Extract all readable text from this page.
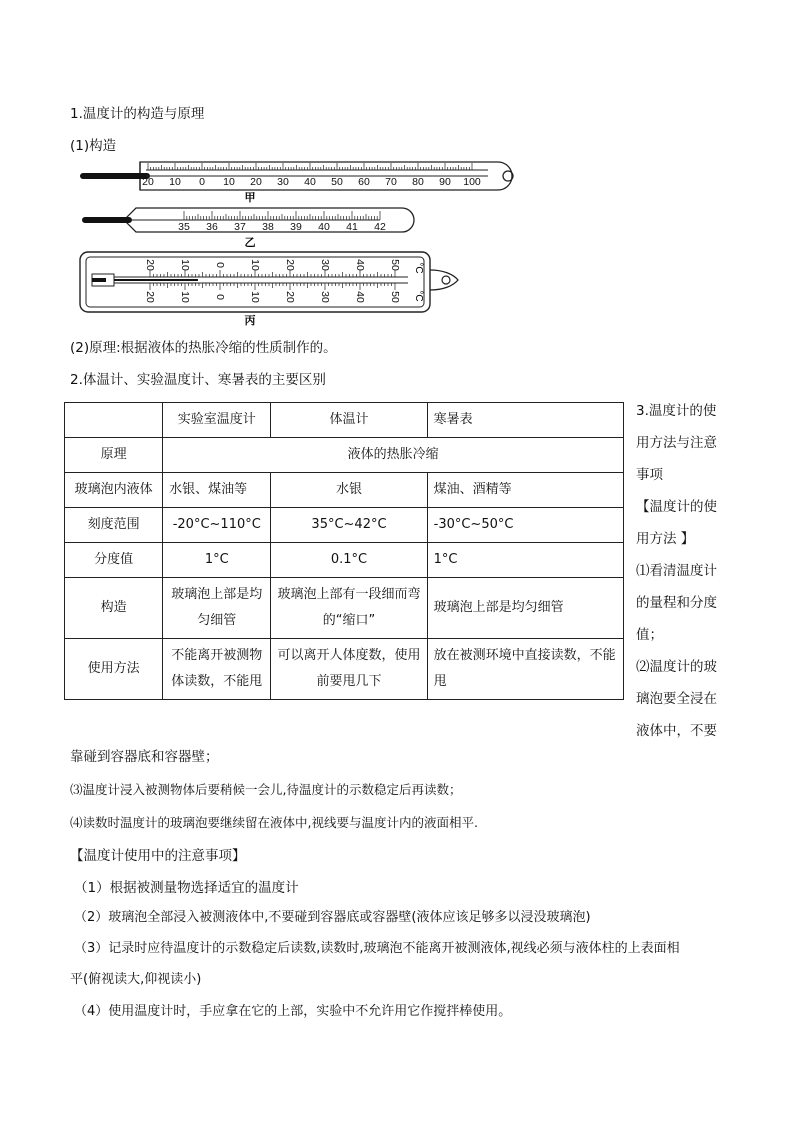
1.温度计的构造与原理
(1)构造
20 10 0 10 20 30 40 50 60 70 80 90 100
甲
35 36 37 38 39 40 41 42
乙
20 10 0 10 20 30 40 50
20 10 0 10 20 30 40 50
°C
°C
丙
(2)原理:根据液体的热胀冷缩的性质制作的。
2.体温计、实验温度计、寒暑表的主要区别
	实验室温度计	体温计	寒暑表
原理	液体的热胀冷缩		
玻璃泡内液体	水银、煤油等	水银	煤油、酒精等
刻度范围	-20°C~110°C	35°C~42°C	-30°C~50°C
分度值	1°C	0.1°C	1°C
构造	玻璃泡上部是均匀细管	玻璃泡上部有一段细而弯的“缩口”	玻璃泡上部是均匀细管
使用方法	不能离开被测物体读数，不能甩	可以离开人体度数，使用前要甩几下	放在被测环境中直接读数，不能甩
3.温度计的使
用方法与注意
事项
【温度计的使
用方法 】
⑴看清温度计
的量程和分度
值；
⑵温度计的玻
璃泡要全浸在
液体中，不要
靠碰到容器底和容器壁；
⑶温度计浸入被测物体后要稍候一会儿,待温度计的示数稳定后再读数；
⑷读数时温度计的玻璃泡要继续留在液体中,视线要与温度计内的液面相平.
【温度计使用中的注意事项】
（1）根据被测量物选择适宜的温度计
（2）玻璃泡全部浸入被测液体中,不要碰到容器底或容器壁(液体应该足够多以浸没玻璃泡)
（3）记录时应待温度计的示数稳定后读数,读数时,玻璃泡不能离开被测液体,视线必须与液体柱的上表面相
平(俯视读大,仰视读小)
（4）使用温度计时，手应拿在它的上部，实验中不允许用它作搅拌棒使用。
